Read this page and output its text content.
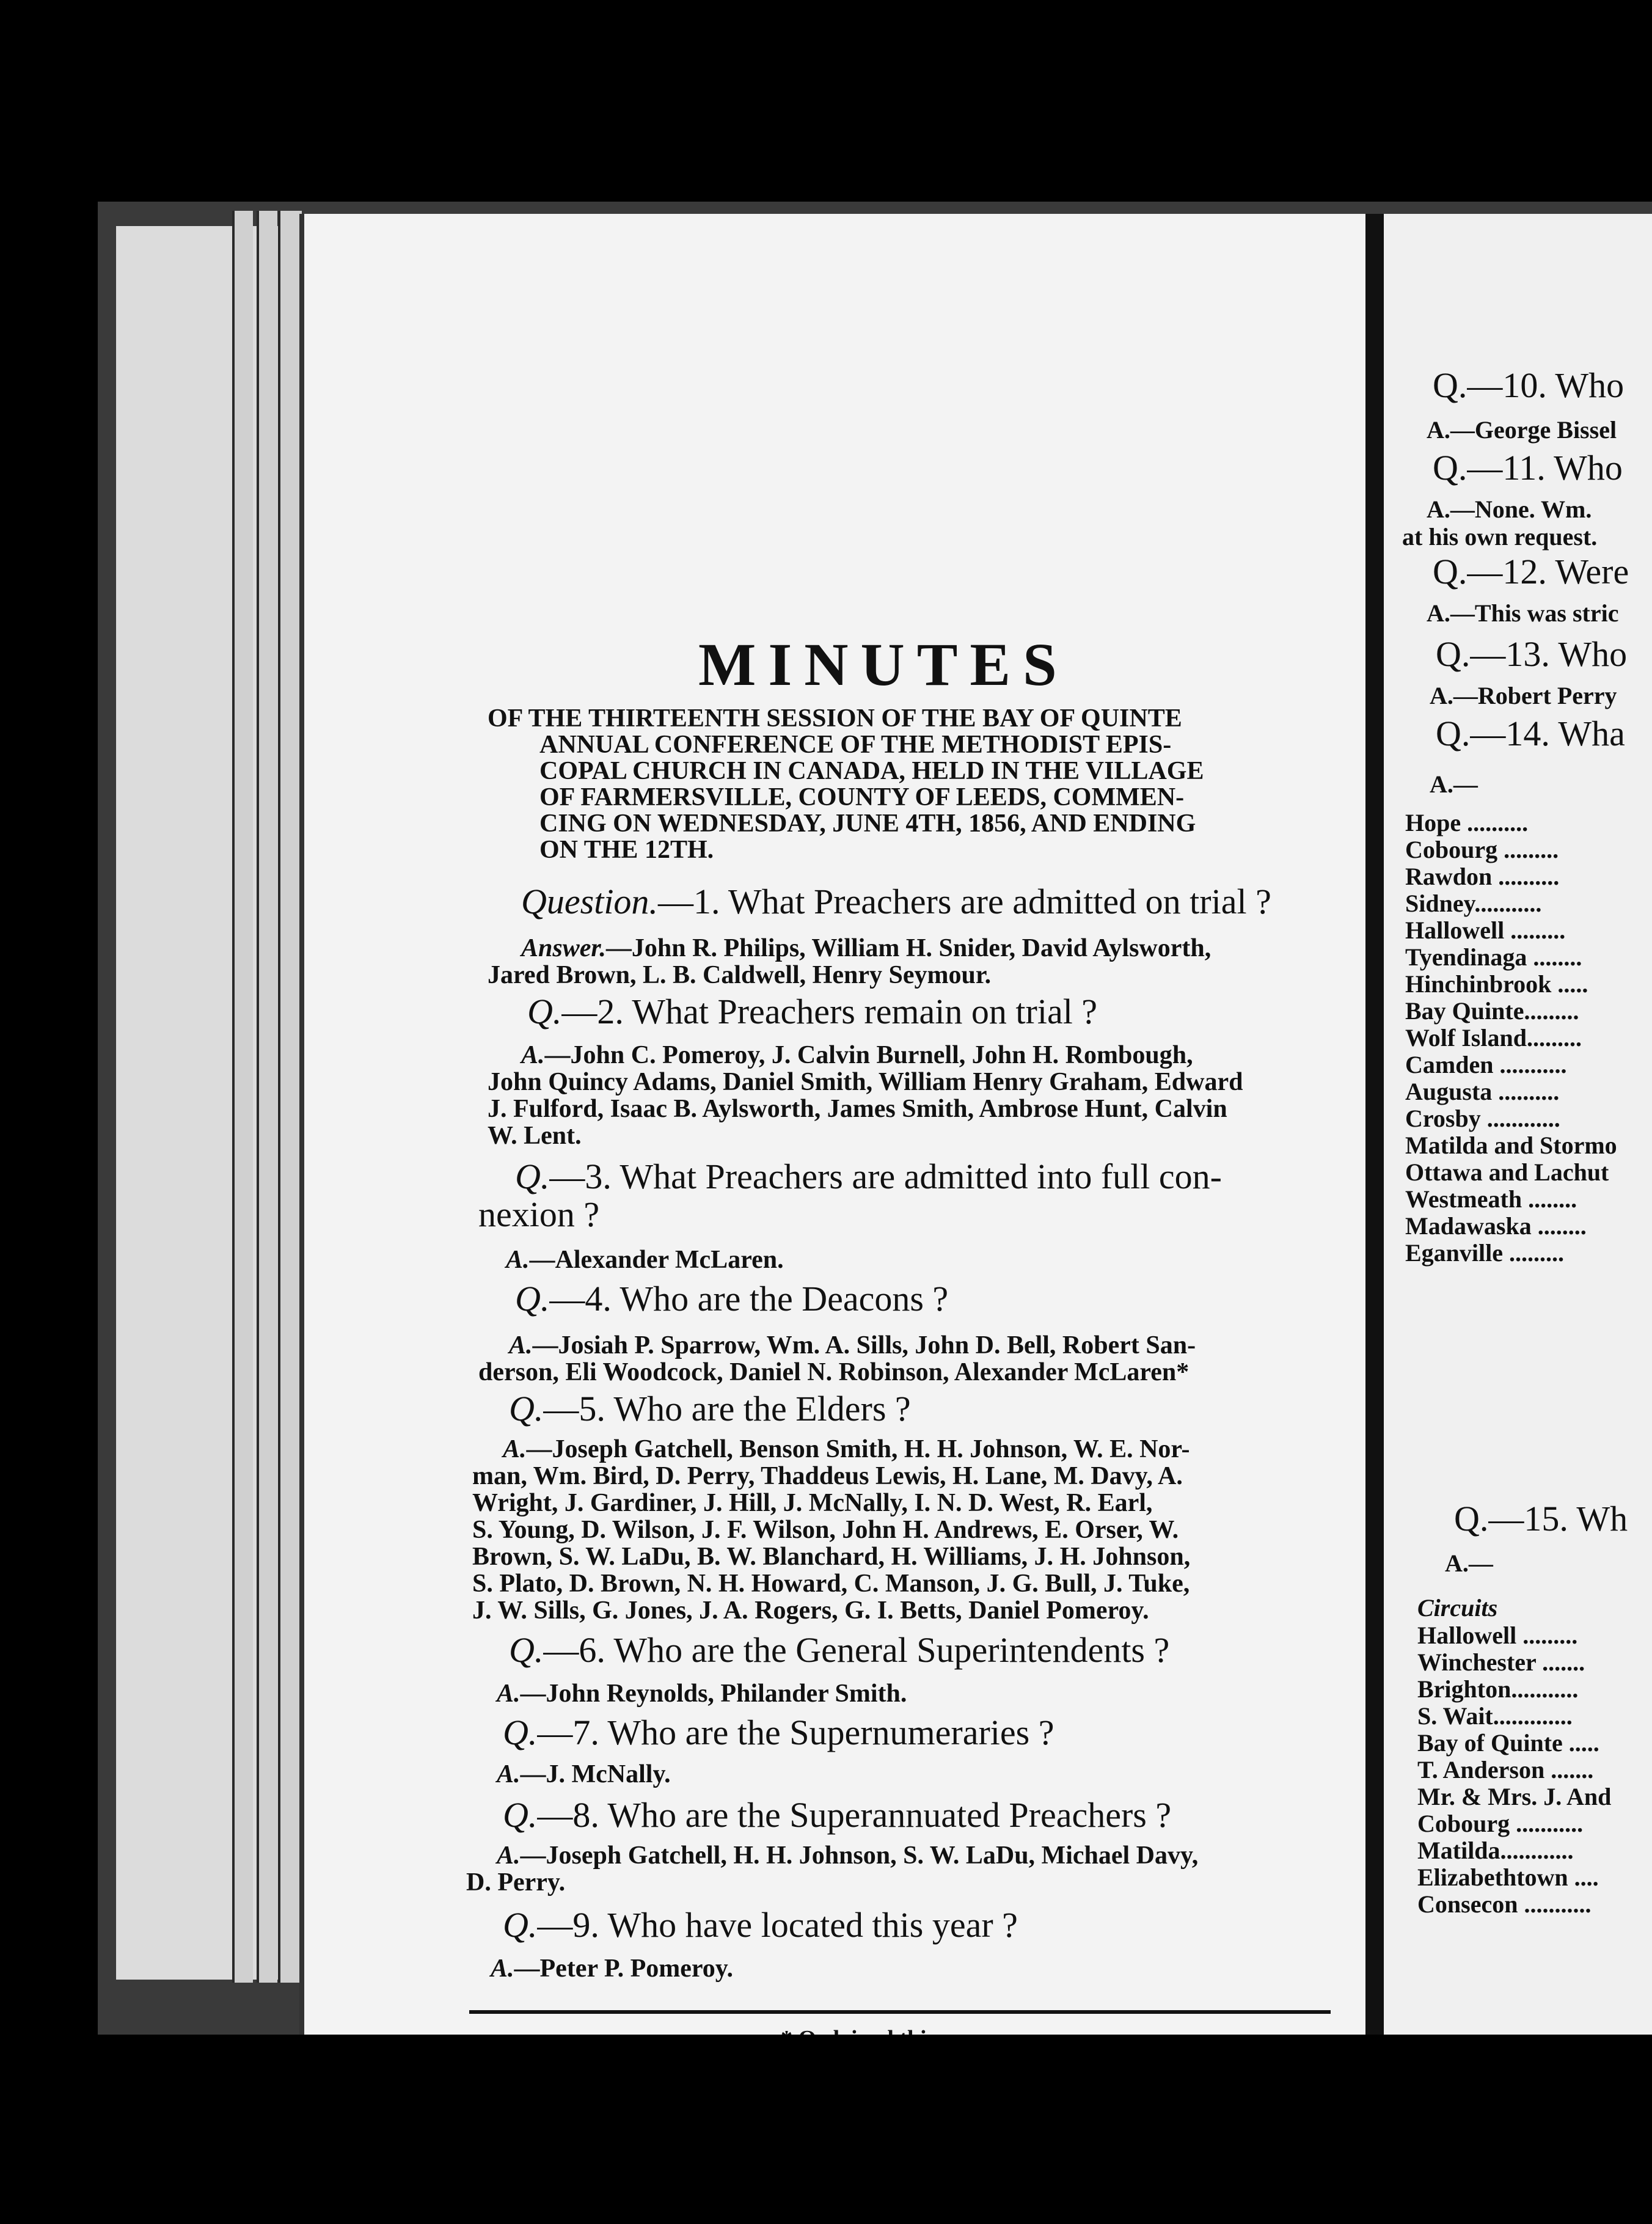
MINUTES
OF THE THIRTEENTH SESSION OF THE BAY OF QUINTE
ANNUAL CONFERENCE OF THE METHODIST EPIS-
COPAL CHURCH IN CANADA, HELD IN THE VILLAGE
OF FARMERSVILLE, COUNTY OF LEEDS, COMMEN-
CING ON WEDNESDAY, JUNE 4TH, 1856, AND ENDING
ON THE 12TH.
Question.—1. What Preachers are admitted on trial ?
Answer.—John R. Philips, William H. Snider, David Aylsworth,
Jared Brown, L. B. Caldwell, Henry Seymour.
Q.—2. What Preachers remain on trial ?
A.—John C. Pomeroy, J. Calvin Burnell, John H. Rombough,
John Quincy Adams, Daniel Smith, William Henry Graham, Edward
J. Fulford, Isaac B. Aylsworth, James Smith, Ambrose Hunt, Calvin
W. Lent.
Q.—3. What Preachers are admitted into full con-
nexion ?
A.—Alexander McLaren.
Q.—4. Who are the Deacons ?
A.—Josiah P. Sparrow, Wm. A. Sills, John D. Bell, Robert San-
derson, Eli Woodcock, Daniel N. Robinson, Alexander McLaren*
Q.—5. Who are the Elders ?
A.—Joseph Gatchell, Benson Smith, H. H. Johnson, W. E. Nor-
man, Wm. Bird, D. Perry, Thaddeus Lewis, H. Lane, M. Davy, A.
Wright, J. Gardiner, J. Hill, J. McNally, I. N. D. West, R. Earl,
S. Young, D. Wilson, J. F. Wilson, John H. Andrews, E. Orser, W.
Brown, S. W. LaDu, B. W. Blanchard, H. Williams, J. H. Johnson,
S. Plato, D. Brown, N. H. Howard, C. Manson, J. G. Bull, J. Tuke,
J. W. Sills, G. Jones, J. A. Rogers, G. I. Betts, Daniel Pomeroy.
Q.—6. Who are the General Superintendents ?
A.—John Reynolds, Philander Smith.
Q.—7. Who are the Supernumeraries ?
A.—J. McNally.
Q.—8. Who are the Superannuated Preachers ?
A.—Joseph Gatchell, H. H. Johnson, S. W. LaDu, Michael Davy,
D. Perry.
Q.—9. Who have located this year ?
A.—Peter P. Pomeroy.
Q.—10. Who
A.—George Bissel
Q.—11. Who
A.—None. Wm.
at his own request.
Q.—12. Were
A.—This was stric
Q.—13. Who
A.—Robert Perry
Q.—14. Wha
A.—
Hope ..........
Cobourg .........
Rawdon ..........
Sidney...........
Hallowell .........
Tyendinaga ........
Hinchinbrook .....
Bay Quinte.........
Wolf Island.........
Camden ...........
Augusta ..........
Crosby ............
Matilda and Stormo
Ottawa and Lachut
Westmeath ........
Madawaska ........
Eganville .........
Q.—15. Wh
A.—
Circuits
Hallowell .........
Winchester .......
Brighton...........
S. Wait.............
Bay of Quinte .....
T. Anderson .......
Mr. & Mrs. J. And
Cobourg ...........
Matilda............
Elizabethtown ....
Consecon ...........
